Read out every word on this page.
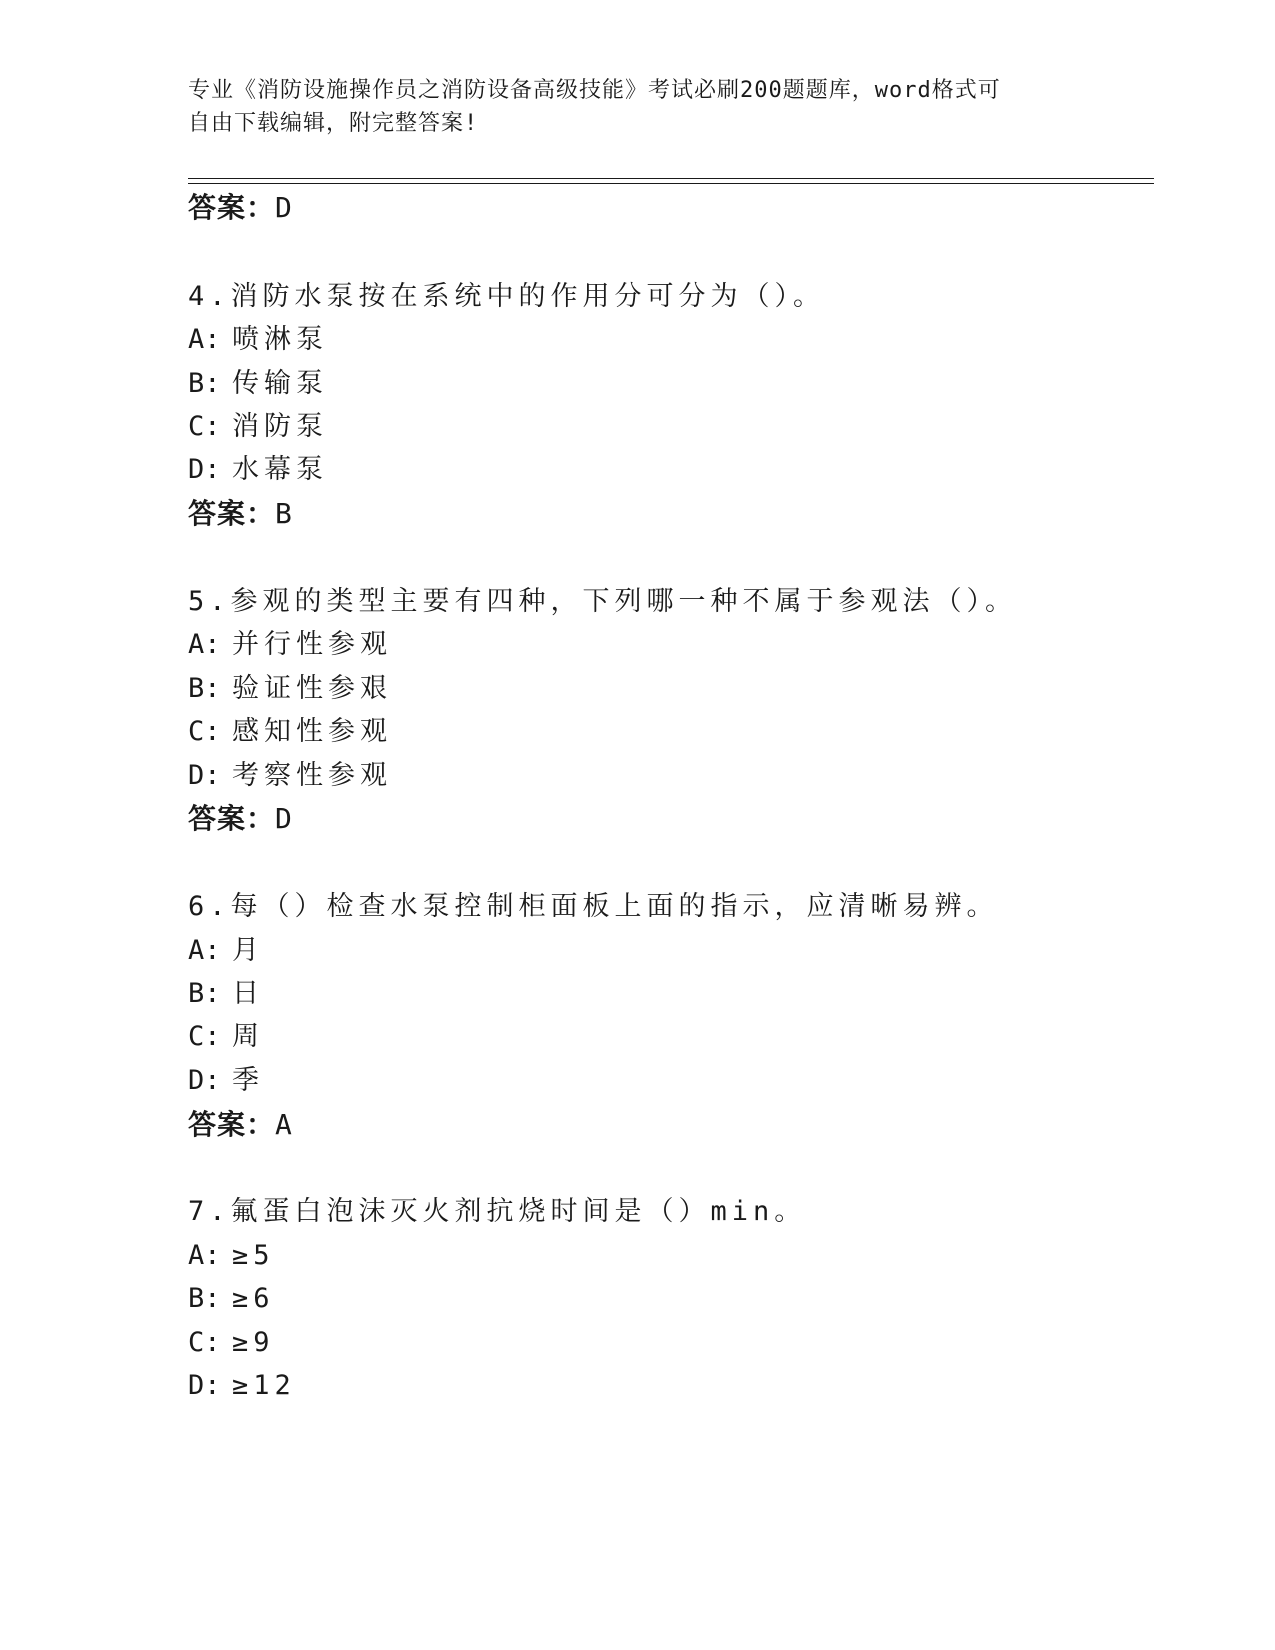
专业《消防设施操作员之消防设备高级技能》考试必刷200题题库，word格式可
自由下载编辑，附完整答案!
答案：D
4.消防水泵按在系统中的作用分可分为（）。
A: 喷淋泵
B: 传输泵
C: 消防泵
D: 水幕泵
答案：B
5.参观的类型主要有四种，下列哪一种不属于参观法（）。
A: 并行性参观
B: 验证性参艰
C: 感知性参观
D: 考察性参观
答案：D
6.每（）检查水泵控制柜面板上面的指示，应清晰易辨。
A: 月
B: 日
C: 周
D: 季
答案：A
7.氟蛋白泡沫灭火剂抗烧时间是（）min。
A: ≥5
B: ≥6
C: ≥9
D: ≥12
